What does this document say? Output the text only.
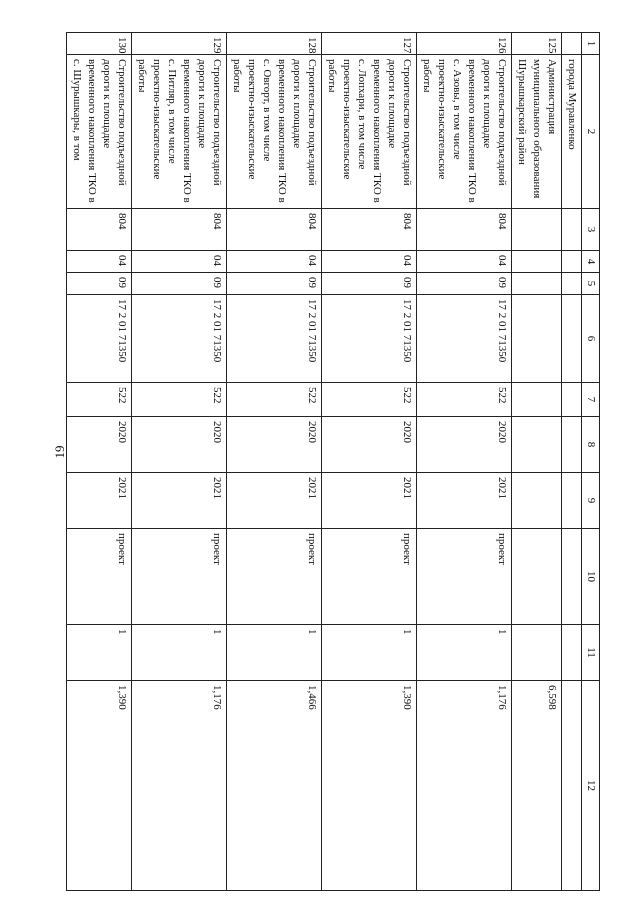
19
1	2	3	4	5	6	7	8	9	10	11	12
	города Муравленко										
125	Администрация муниципального образования Шурышкарский район										6,598
126	Строительство подъездной дороги к площадке временного накопления ТКО в с. Азовы, в том числе проектно-изыскательские работы	804	04	09	17 2 01 71350	522	2020	2021	проект	1	1,176
127	Строительство подъездной дороги к площадке временного накопления ТКО в с. Лопхари, в том числе проектно-изыскательские работы	804	04	09	17 2 01 71350	522	2020	2021	проект	1	1,390
128	Строительство подъездной дороги к площадке временного накопления ТКО в с. Овгорт, в том числе проектно-изыскательские работы	804	04	09	17 2 01 71350	522	2020	2021	проект	1	1,466
129	Строительство подъездной дороги к площадке временного накопления ТКО в с. Питляр, в том числе проектно-изыскательские работы	804	04	09	17 2 01 71350	522	2020	2021	проект	1	1,176
130	Строительство подъездной дороги к площадке временного накопления ТКО в с. Шурышкары, в том	804	04	09	17 2 01 71350	522	2020	2021	проект	1	1,390
